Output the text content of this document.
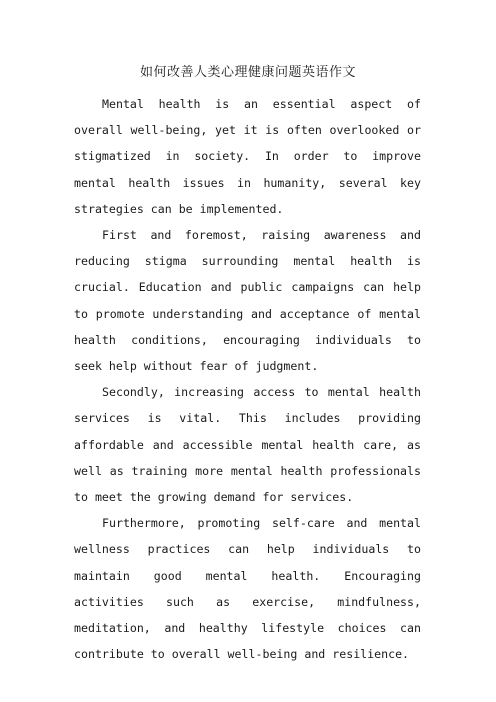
如何改善人类心理健康问题英语作文

Mental health is an essential aspect of overall well-being, yet it is often overlooked or stigmatized in society. In order to improve mental health issues in humanity, several key strategies can be implemented.

First and foremost, raising awareness and reducing stigma surrounding mental health is crucial. Education and public campaigns can help to promote understanding and acceptance of mental health conditions, encouraging individuals to seek help without fear of judgment.

Secondly, increasing access to mental health services is vital. This includes providing affordable and accessible mental health care, as well as training more mental health professionals to meet the growing demand for services.

Furthermore, promoting self-care and mental wellness practices can help individuals to maintain good mental health. Encouraging activities such as exercise, mindfulness, meditation, and healthy lifestyle choices can contribute to overall well-being and resilience.
